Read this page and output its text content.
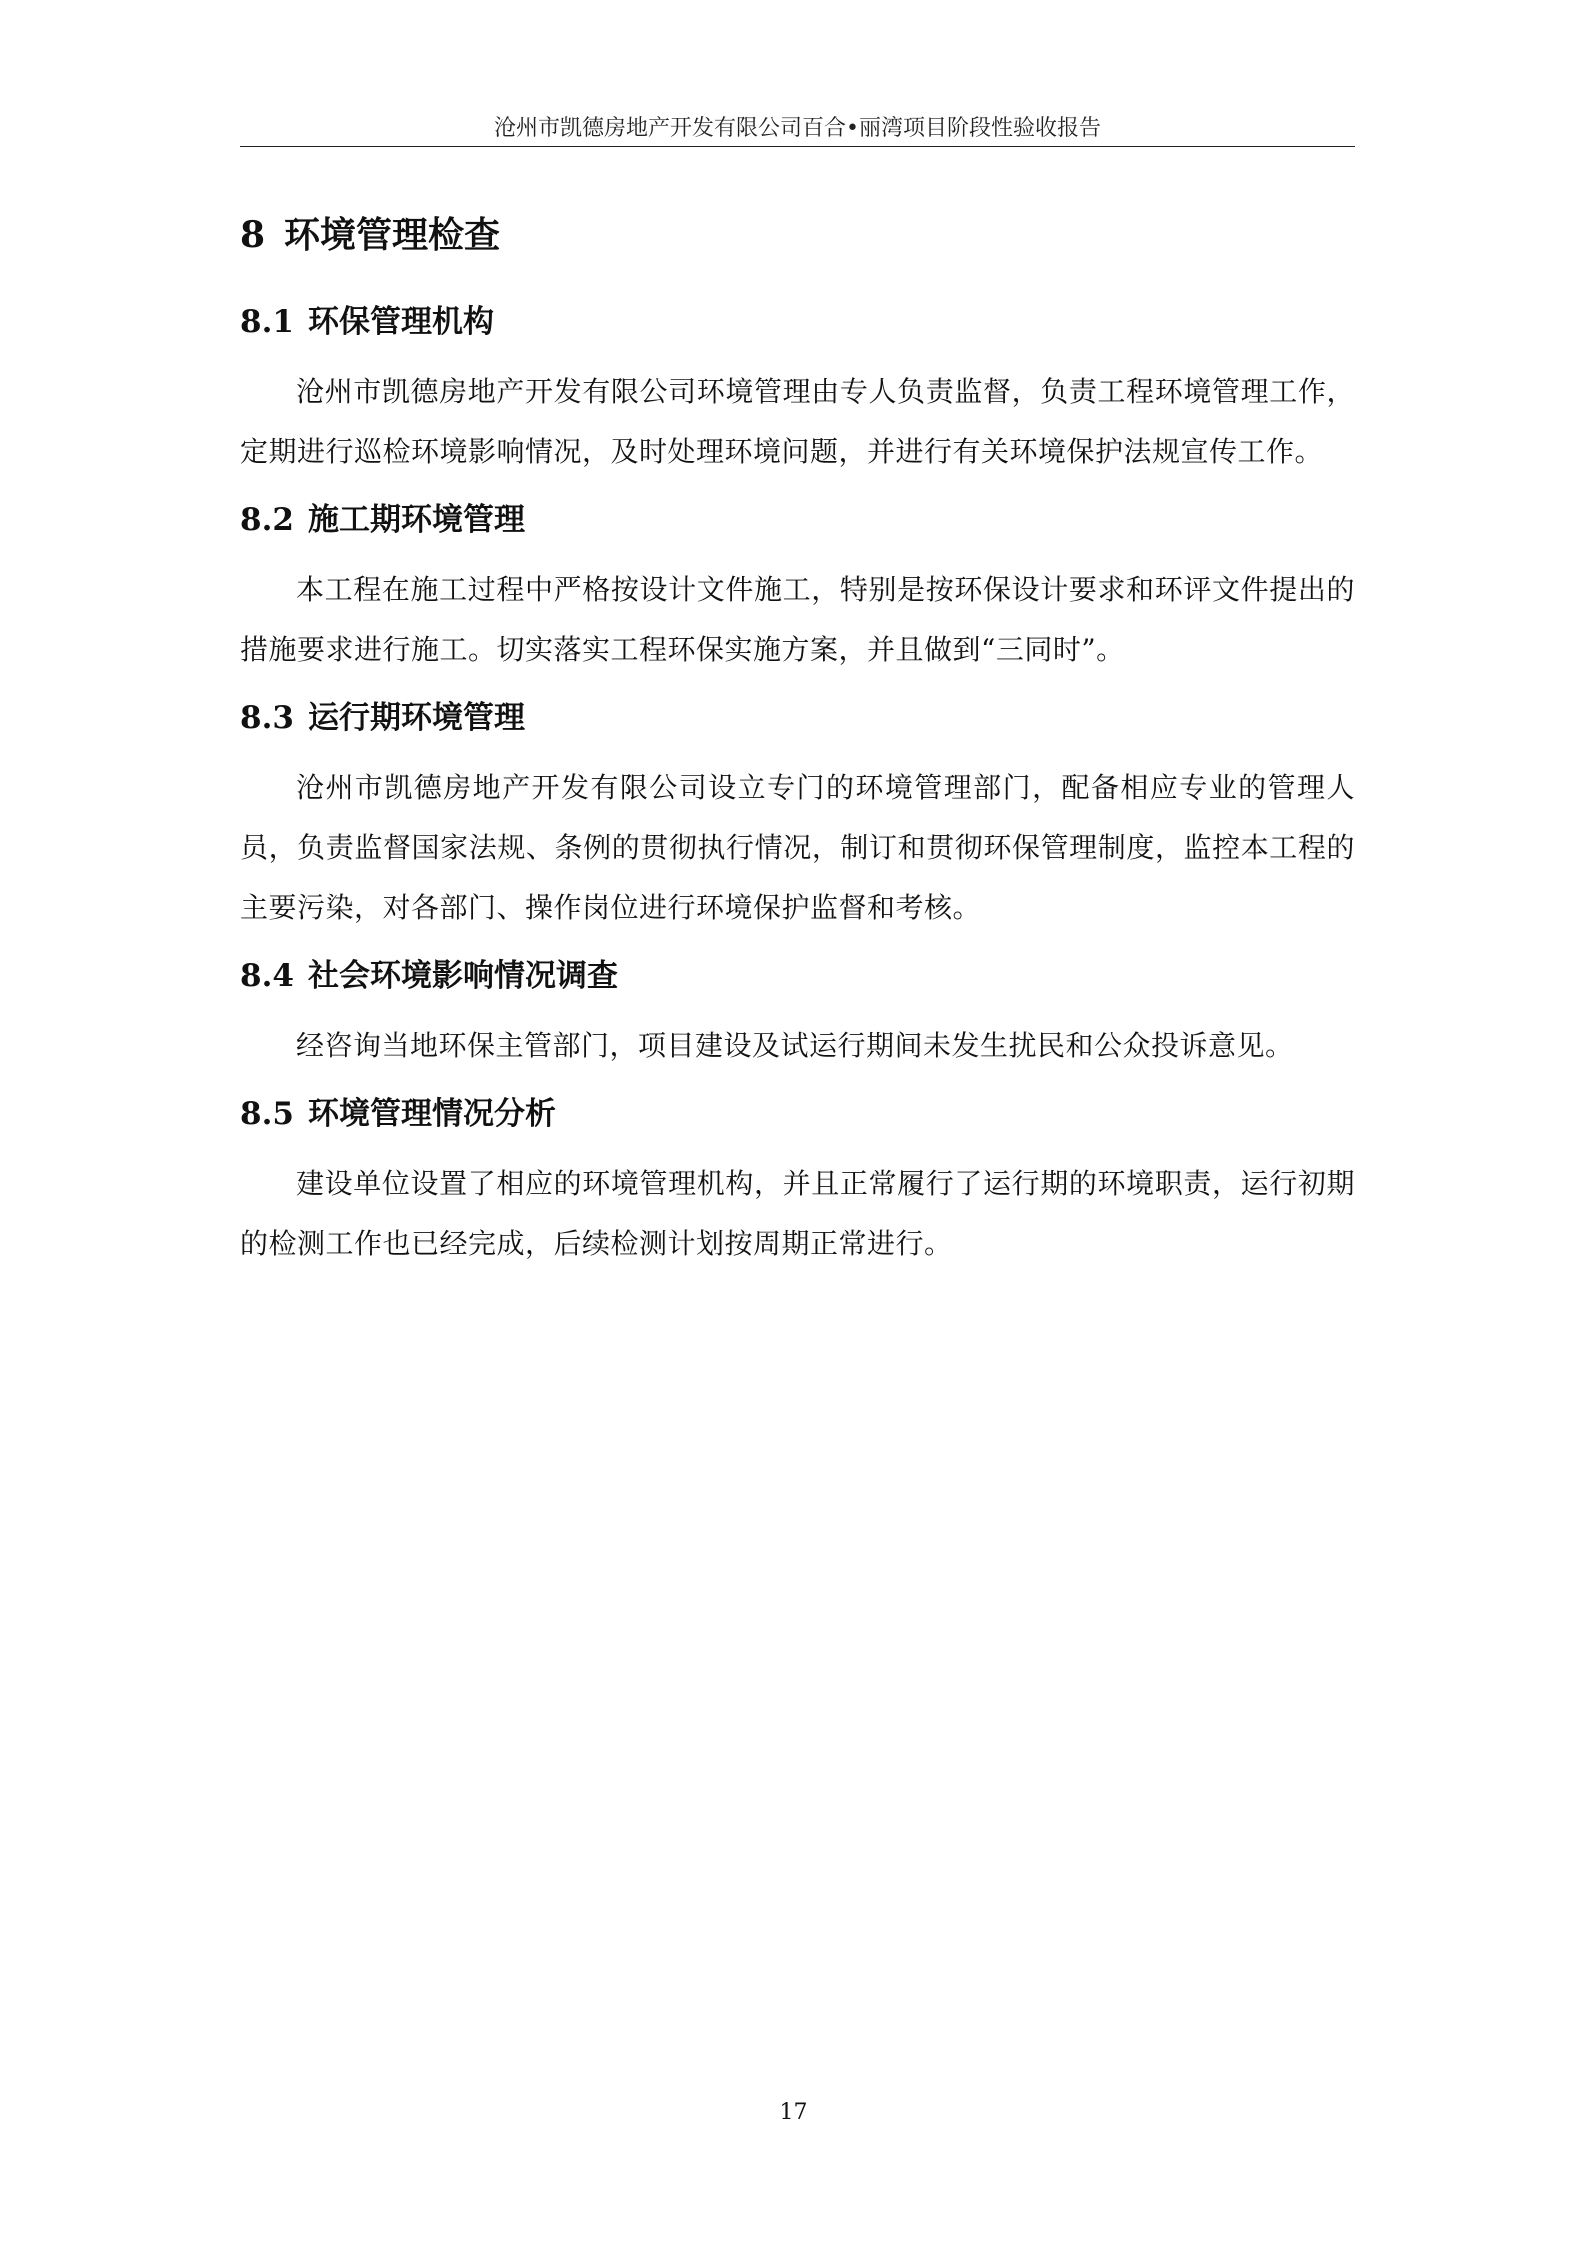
沧州市凯德房地产开发有限公司百合•丽湾项目阶段性验收报告
8 环境管理检查
8.1 环保管理机构

沧州市凯德房地产开发有限公司环境管理由专人负责监督，负责工程环境管理工作，定期进行巡检环境影响情况，及时处理环境问题，并进行有关环境保护法规宣传工作。

8.2 施工期环境管理

本工程在施工过程中严格按设计文件施工，特别是按环保设计要求和环评文件提出的措施要求进行施工。切实落实工程环保实施方案，并且做到“三同时”。

8.3 运行期环境管理

沧州市凯德房地产开发有限公司设立专门的环境管理部门，配备相应专业的管理人员，负责监督国家法规、条例的贯彻执行情况，制订和贯彻环保管理制度，监控本工程的主要污染，对各部门、操作岗位进行环境保护监督和考核。

8.4 社会环境影响情况调查

经咨询当地环保主管部门，项目建设及试运行期间未发生扰民和公众投诉意见。

8.5 环境管理情况分析

建设单位设置了相应的环境管理机构，并且正常履行了运行期的环境职责，运行初期的检测工作也已经完成，后续检测计划按周期正常进行。

17
